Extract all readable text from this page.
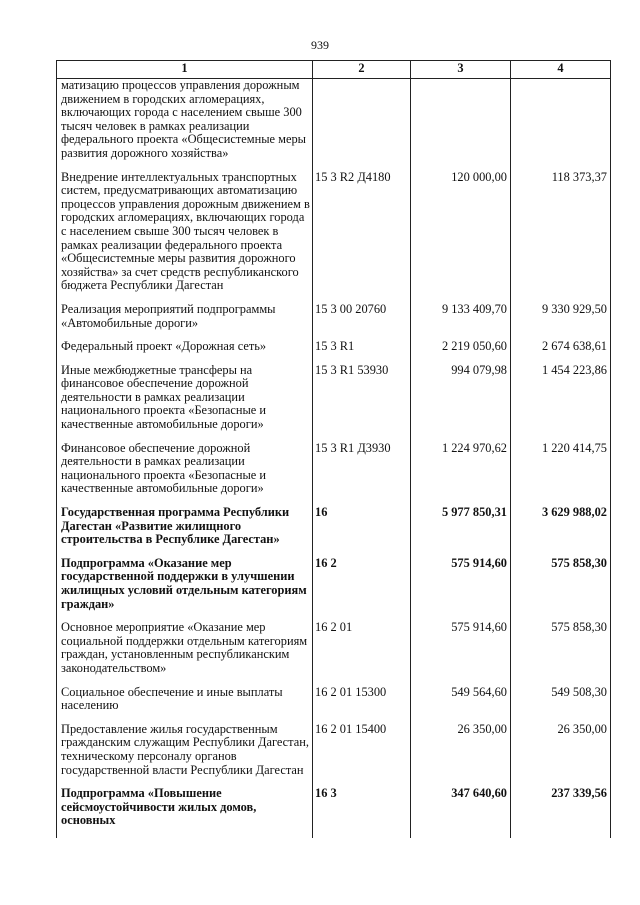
939
1	2	3	4
матизацию процессов управления дорожным движением в городских агломерациях, включающих города с населением свыше 300 тысяч человек в рамках реализации федерального проекта «Общесистемные меры развития дорожного хозяйства»			

Внедрение интеллектуальных транспортных систем, предусматривающих автоматизацию процессов управления дорожным движением в городских агломерациях, включающих города с населением свыше 300 тысяч человек в рамках реализации федерального проекта «Общесистемные меры развития дорожного хозяйства» за счет средств республиканского бюджета Республики Дагестан	15 3 R2 Д4180	120 000,00	118 373,37

Реализация мероприятий подпрограммы «Автомобильные дороги»	15 3 00 20760	9 133 409,70	9 330 929,50

Федеральный проект «Дорожная сеть»	15 3 R1	2 219 050,60	2 674 638,61

Иные межбюджетные трансферы на финансовое обеспечение дорожной деятельности в рамках реализации национального проекта «Безопасные и качественные автомобильные дороги»	15 3 R1 53930	994 079,98	1 454 223,86

Финансовое обеспечение дорожной деятельности в рамках реализации национального проекта «Безопасные и качественные автомобильные дороги»	15 3 R1 Д3930	1 224 970,62	1 220 414,75

Государственная программа Республики Дагестан «Развитие жилищного строительства в Республике Дагестан»	16	5 977 850,31	3 629 988,02

Подпрограмма «Оказание мер государственной поддержки в улучшении жилищных условий отдельным категориям граждан»	16 2	575 914,60	575 858,30

Основное мероприятие «Оказание мер социальной поддержки отдельным категориям граждан, установленным республиканским законодательством»	16 2 01	575 914,60	575 858,30

Социальное обеспечение и иные выплаты населению	16 2 01 15300	549 564,60	549 508,30

Предоставление жилья государственным гражданским служащим Республики Дагестан, техническому персоналу органов государственной власти Республики Дагестан	16 2 01 15400	26 350,00	26 350,00

Подпрограмма «Повышение сейсмоустойчивости жилых домов, основных	16 3	347 640,60	237 339,56
